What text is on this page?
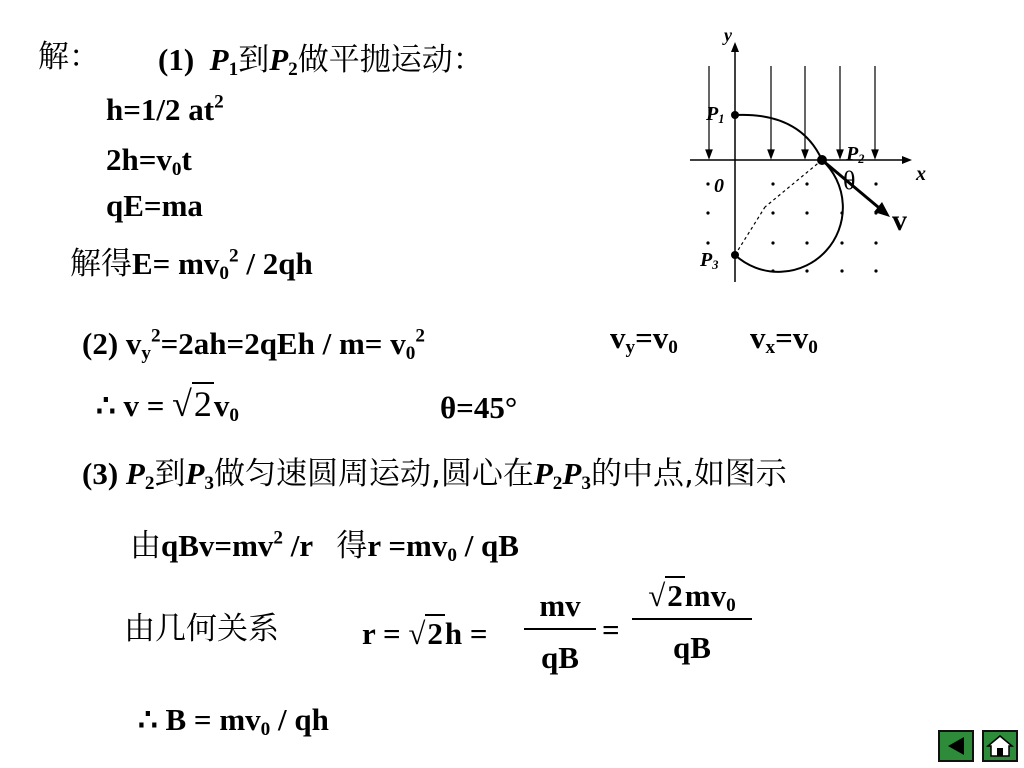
解： (1) $P_1$到$P_2$做平抛运动：
h=1/2 $at^2$
$2h=v_0t$
qE=ma
解得$E= mv_0^2 / 2qh$
(2) $v_y^2=2ah=2qEh / m= v_0^2$	$v_y=v_0$ $v_x=v_0$
∴ $v = √2v_0$	θ=45°
(3) $P_2$到$P_3$做匀速圆周运动,圆心在$P_2P_3$的中点,如图示
由$qBv=mv^2$ /r 得$r =mv_0$ / qB
由几何关系	$r = √2h = \frac{mv}{qB} = \frac{√2mv_0}{qB}$
∴ $B = mv_0$ / qh
y
x
0
$P_1$
$P_2$
$P_3$
θ
v
